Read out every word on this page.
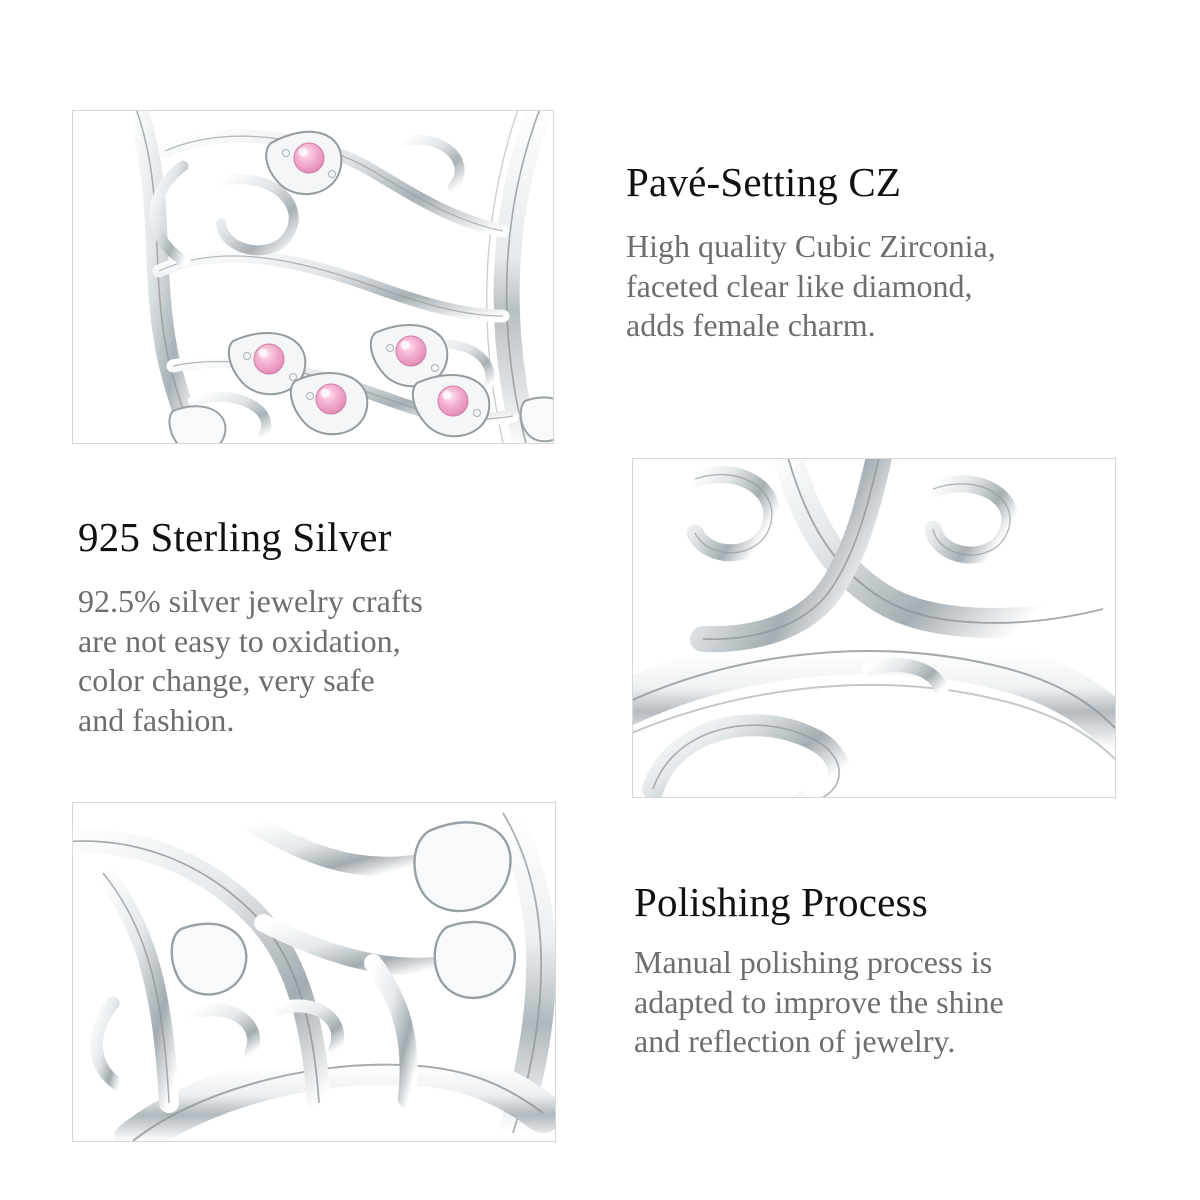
Pavé-Setting CZ
High quality Cubic Zirconia,
faceted clear like diamond,
adds female charm.
925 Sterling Silver
92.5% silver jewelry crafts
are not easy to oxidation,
color change, very safe
and fashion.
Polishing Process
Manual polishing process is
adapted to improve the shine
and reflection of jewelry.
